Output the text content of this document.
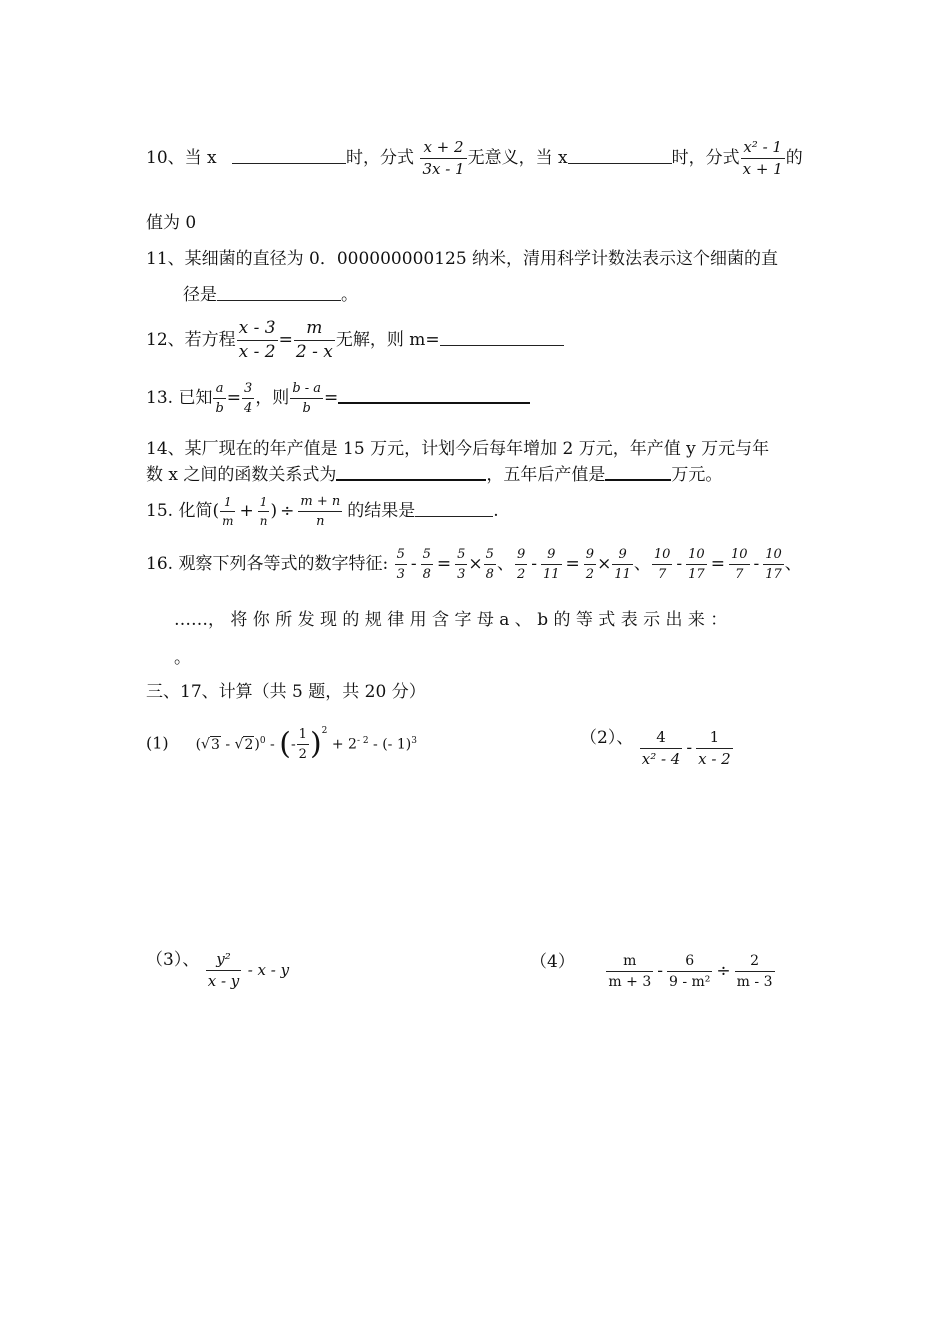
10、当 x	时，分式 $\frac{x + 2}{3x - 1}$ 无意义，当 x	时，分式 $\frac{\text{x² - 1}}{x + 1}$ 的
值为 0
11、某细菌的直径为 0．000000000125 纳米，清用科学计数法表示这个细菌的直
径是	。
12、若方程 $\frac{x - 3}{x - 2} = \frac{m}{2 - x}$ 无解，则 m=
13. 已知 $\frac{a}{b} = \frac{3}{4}$ ，则 $\frac{b - a}{b}$ =
14、某厂现在的年产值是 15 万元，计划今后每年增加 2 万元，年产值 y 万元与年
数 x 之间的函数关系式为	，五年后产值是	万元。
15. 化简( $\frac{1}{m} + \frac{1}{n}$ ) ÷ $\frac{m + n}{n}$ 的结果是	.
16. 观察下列各等式的数字特征: $\frac{5}{3} - \frac{5}{8} = \frac{5}{3} \times \frac{5}{8}$ 、 $\frac{9}{2} - \frac{9}{11} = \frac{9}{2} \times \frac{9}{11}$ 、 $\frac{10}{7} - \frac{10}{17} = \frac{10}{7} - \frac{10}{17}$ 、
……， 将 你 所 发 现 的 规 律 用 含 字 母 a 、 b 的 等 式 表 示 出 来 ：
。
三、17、计算（共 5 题，共 20 分）
(1) (√3 - √2)$^0$ - (- $\frac{1}{2} )^2 + 2^{- 2}$ - (- 1)$^3$	（2）、 $\frac{4}{\text{x² - 4}} - \frac{1}{x - 2}$
（3）、 $\frac{\text{y²}}{x - y}$ - x - y	$(4) \frac{m}{m + 3} - \frac{6}{\text{9 - m²}} \div \frac{2}{m - 3}$
